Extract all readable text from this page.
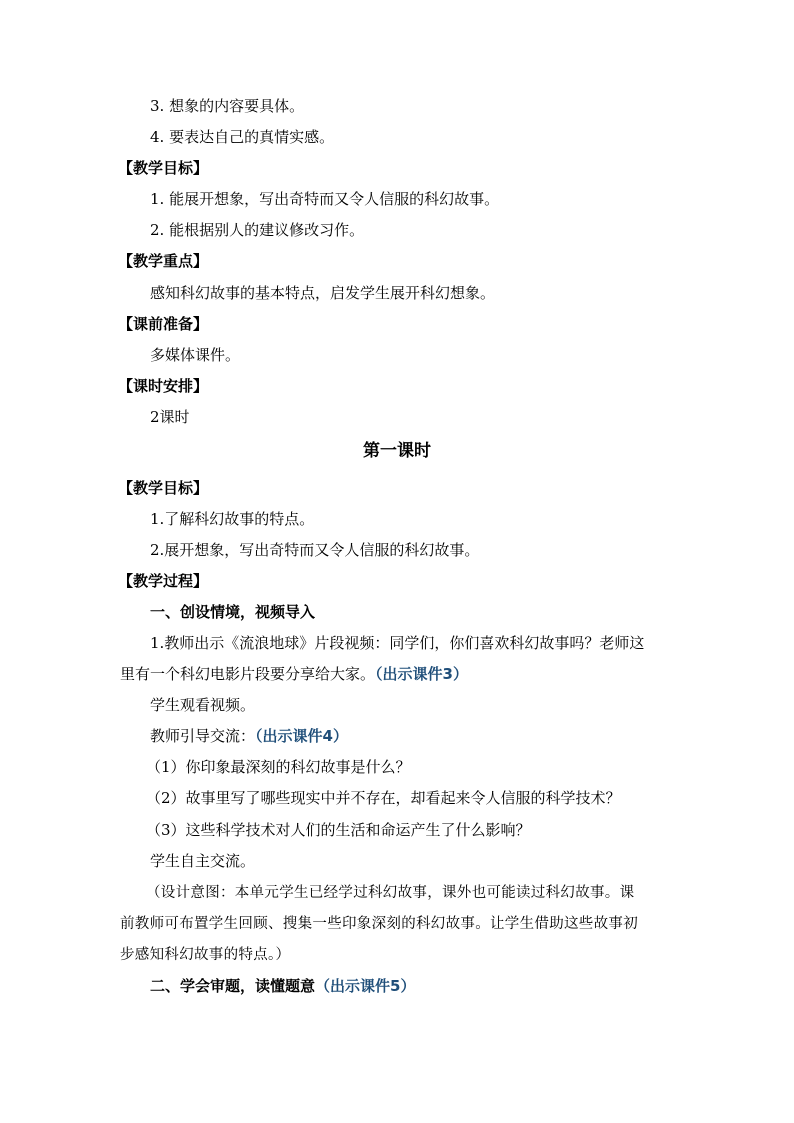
3. 想象的内容要具体。
4. 要表达自己的真情实感。
【教学目标】
1. 能展开想象，写出奇特而又令人信服的科幻故事。
2. 能根据别人的建议修改习作。
【教学重点】
感知科幻故事的基本特点，启发学生展开科幻想象。
【课前准备】
多媒体课件。
【课时安排】
2课时
第一课时
【教学目标】
1.了解科幻故事的特点。
2.展开想象，写出奇特而又令人信服的科幻故事。
【教学过程】
一、创设情境，视频导入
1.教师出示《流浪地球》片段视频：同学们，你们喜欢科幻故事吗？老师这
里有一个科幻电影片段要分享给大家。（出示课件3）
学生观看视频。
教师引导交流：（出示课件4）
（1）你印象最深刻的科幻故事是什么？
（2）故事里写了哪些现实中并不存在，却看起来令人信服的科学技术？
（3）这些科学技术对人们的生活和命运产生了什么影响？
学生自主交流。
（设计意图：本单元学生已经学过科幻故事，课外也可能读过科幻故事。课
前教师可布置学生回顾、搜集一些印象深刻的科幻故事。让学生借助这些故事初
步感知科幻故事的特点。）
二、学会审题，读懂题意（出示课件5）
